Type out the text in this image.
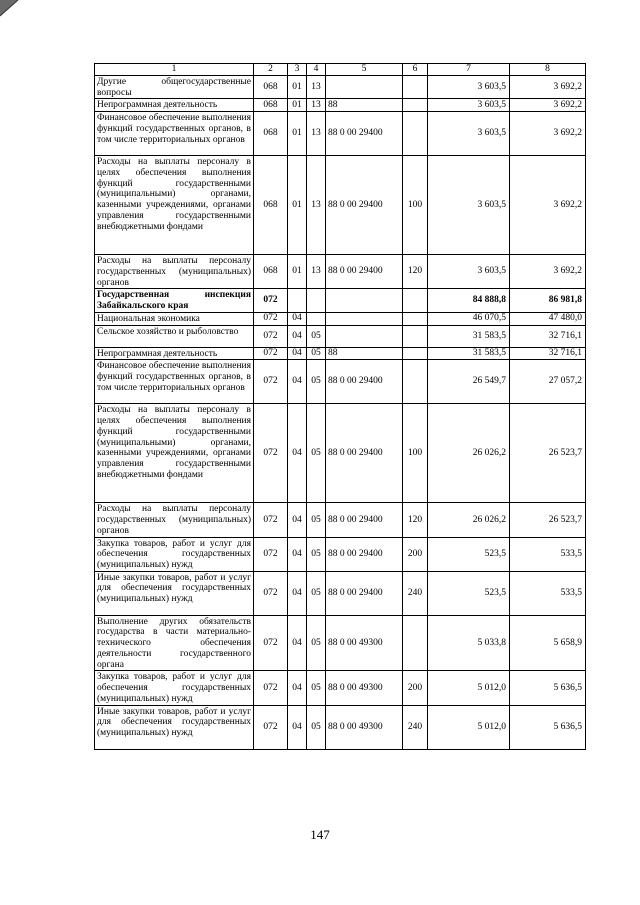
1	2	3	4	5	6	7	8
Другие общегосударственные вопросы	068	01	13			3 603,5	3 692,2
Непрограммная деятельность	068	01	13	88		3 603,5	3 692,2
Финансовое обеспечение выполнения функций государственных органов, в том числе территориальных органов	068	01	13	88 0 00 29400		3 603,5	3 692,2
Расходы на выплаты персоналу в целях обеспечения выполнения функций государственными (муниципальными) органами, казенными учреждениями, органами управления государственными внебюджетными фондами	068	01	13	88 0 00 29400	100	3 603,5	3 692,2
Расходы на выплаты персоналу государственных (муниципальных) органов	068	01	13	88 0 00 29400	120	3 603,5	3 692,2
Государственная инспекция Забайкальского края	072					84 888,8	86 981,8
Национальная экономика	072	04				46 070,5	47 480,0
Сельское хозяйство и рыболовство	072	04	05			31 583,5	32 716,1
Непрограммная деятельность	072	04	05	88		31 583,5	32 716,1
Финансовое обеспечение выполнения функций государственных органов, в том числе территориальных органов	072	04	05	88 0 00 29400		26 549,7	27 057,2
Расходы на выплаты персоналу в целях обеспечения выполнения функций государственными (муниципальными) органами, казенными учреждениями, органами управления государственными внебюджетными фондами	072	04	05	88 0 00 29400	100	26 026,2	26 523,7
Расходы на выплаты персоналу государственных (муниципальных) органов	072	04	05	88 0 00 29400	120	26 026,2	26 523,7
Закупка товаров, работ и услуг для обеспечения государственных (муниципальных) нужд	072	04	05	88 0 00 29400	200	523,5	533,5
Иные закупки товаров, работ и услуг для обеспечения государственных (муниципальных) нужд	072	04	05	88 0 00 29400	240	523,5	533,5
Выполнение других обязательств государства в части материально-технического обеспечения деятельности государственного органа	072	04	05	88 0 00 49300		5 033,8	5 658,9
Закупка товаров, работ и услуг для обеспечения государственных (муниципальных) нужд	072	04	05	88 0 00 49300	200	5 012,0	5 636,5
Иные закупки товаров, работ и услуг для обеспечения государственных (муниципальных) нужд	072	04	05	88 0 00 49300	240	5 012,0	5 636,5
147
